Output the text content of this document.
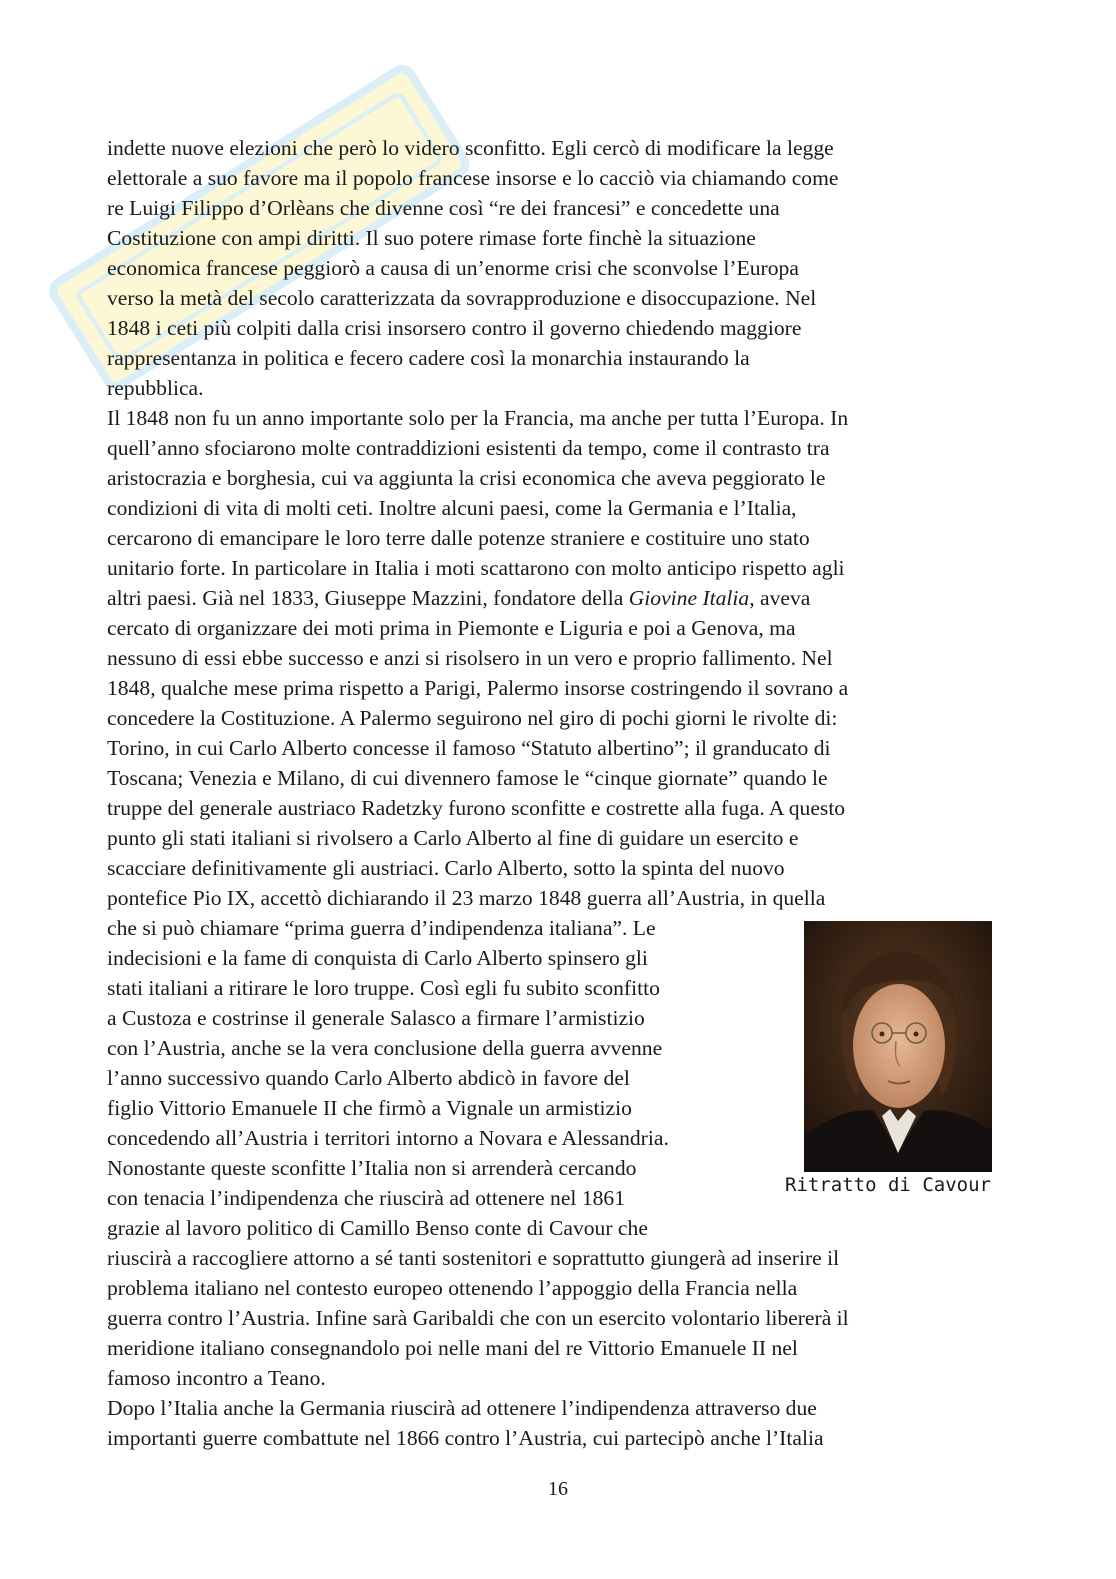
indette nuove elezioni che però lo videro sconfitto. Egli cercò di modificare la legge
elettorale a suo favore ma il popolo francese insorse e lo cacciò via chiamando come
re Luigi Filippo d’Orlèans che divenne così “re dei francesi” e concedette una
Costituzione con ampi diritti. Il suo potere rimase forte finchè la situazione
economica francese peggiorò a causa di un’enorme crisi che sconvolse l’Europa
verso la metà del secolo caratterizzata da sovrapproduzione e disoccupazione. Nel
1848 i ceti più colpiti dalla crisi insorsero contro il governo chiedendo maggiore
rappresentanza in politica e fecero cadere così la monarchia instaurando la
repubblica.

Il 1848 non fu un anno importante solo per la Francia, ma anche per tutta l’Europa. In
quell’anno sfociarono molte contraddizioni esistenti da tempo, come il contrasto tra
aristocrazia e borghesia, cui va aggiunta la crisi economica che aveva peggiorato le
condizioni di vita di molti ceti. Inoltre alcuni paesi, come la Germania e l’Italia,
cercarono di emancipare le loro terre dalle potenze straniere e costituire uno stato
unitario forte. In particolare in Italia i moti scattarono con molto anticipo rispetto agli
altri paesi. Già nel 1833, Giuseppe Mazzini, fondatore della Giovine Italia, aveva
cercato di organizzare dei moti prima in Piemonte e Liguria e poi a Genova, ma
nessuno di essi ebbe successo e anzi si risolsero in un vero e proprio fallimento. Nel
1848, qualche mese prima rispetto a Parigi, Palermo insorse costringendo il sovrano a
concedere la Costituzione. A Palermo seguirono nel giro di pochi giorni le rivolte di:
Torino, in cui Carlo Alberto concesse il famoso “Statuto albertino”; il granducato di
Toscana; Venezia e Milano, di cui divennero famose le “cinque giornate” quando le
truppe del generale austriaco Radetzky furono sconfitte e costrette alla fuga. A questo
punto gli stati italiani si rivolsero a Carlo Alberto al fine di guidare un esercito e
scacciare definitivamente gli austriaci. Carlo Alberto, sotto la spinta del nuovo
pontefice Pio IX, accettò dichiarando il 23 marzo 1848 guerra all’Austria, in quella
che si può chiamare “prima guerra d’indipendenza italiana”. Le
indecisioni e la fame di conquista di Carlo Alberto spinsero gli
stati italiani a ritirare le loro truppe. Così egli fu subito sconfitto
a Custoza e costrinse il generale Salasco a firmare l’armistizio
con l’Austria, anche se la vera conclusione della guerra avvenne
l’anno successivo quando Carlo Alberto abdicò in favore del
figlio Vittorio Emanuele II che firmò a Vignale un armistizio
concedendo all’Austria i territori intorno a Novara e Alessandria.
Nonostante queste sconfitte l’Italia non si arrenderà cercando
con tenacia l’indipendenza che riuscirà ad ottenere nel 1861
grazie al lavoro politico di Camillo Benso conte di Cavour che
riuscirà a raccogliere attorno a sé tanti sostenitori e soprattutto giungerà ad inserire il
problema italiano nel contesto europeo ottenendo l’appoggio della Francia nella
guerra contro l’Austria. Infine sarà Garibaldi che con un esercito volontario libererà il
meridione italiano consegnandolo poi nelle mani del re Vittorio Emanuele II nel
famoso incontro a Teano.

Dopo l’Italia anche la Germania riuscirà ad ottenere l’indipendenza attraverso due
importanti guerre combattute nel 1866 contro l’Austria, cui partecipò anche l’Italia

Ritratto di Cavour
16
